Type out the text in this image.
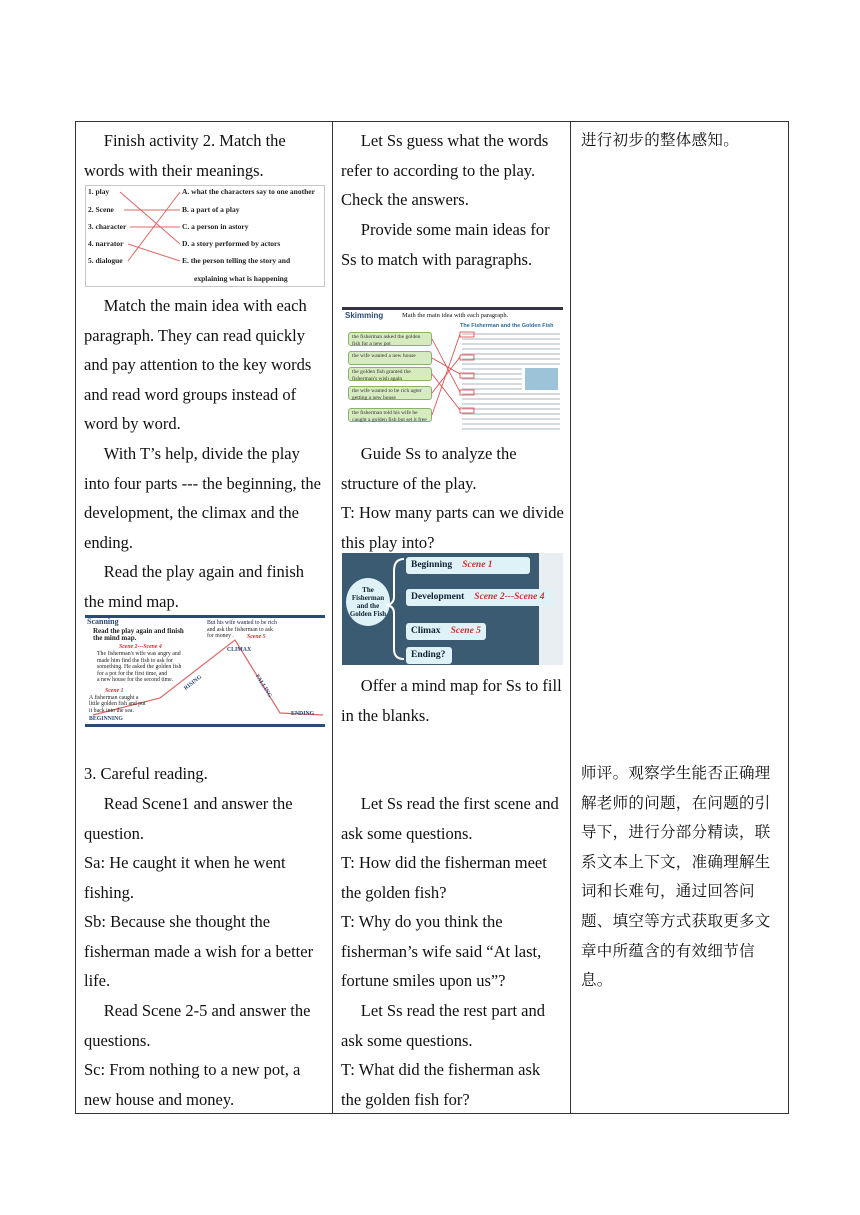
Finish activity 2. Match the words with their meanings.

1. play
2. Scene
3. character
4. narrator
5. dialogue
A. what the characters say to one another
B. a part of a play
C. a person in astory
D. a story performed by actors
E. the person telling the story and
explaining what is happening

Match the main idea with each paragraph. They can read quickly and pay attention to the key words and read word groups instead of word by word.

With T’s help, divide the play into four parts --- the beginning, the development, the climax and the ending.

Read the play again and finish the mind map.

Scanning
Read the play again and finish the mind map.
Scene 2---Scene 4
The fisherman's wife was angry and
made him find the fish to ask for
something. He asked the golden fish
for a pot for the first time, and
a new house for the second time.
But his wife wanted to be rich
and ask the fisherman to ask
for money . Scene 5
CLIMAX
RISING	FALLING
Scene 1
A fisherman caught a
little golden fish and put
it back into the sea.
BEGINNING
ENDING

3. Careful reading.

Read Scene1 and answer the question.

Sa: He caught it when he went fishing.

Sb: Because she thought the fisherman made a wish for a better life.

Read Scene 2-5 and answer the questions.

Sc: From nothing to a new pot, a new house and money.

Let Ss guess what the words refer to according to the play. Check the answers.

Provide some main ideas for Ss to match with paragraphs.

Skimming	Math the main idea with each paragraph.
The Fisherman and the Golden Fish
the fisherman asked the golden fish for a new pot
the wife wanted a new house
the golden fish granted the fisherman's wish again
the wife wanted to be rich agter getting a new house
the fisherman told his wife he caught a golden fish but set it free

Guide Ss to analyze the structure of the play.

T: How many parts can we divide this play into?

The Fisherman and the Golden Fish
Beginning Scene 1
Development Scene 2---Scene 4
Climax Scene 5
Ending?

Offer a mind map for Ss to fill in the blanks.

Let Ss read the first scene and ask some questions.

T: How did the fisherman meet the golden fish?

T: Why do you think the fisherman’s wife said “At last, fortune smiles upon us”?

Let Ss read the rest part and ask some questions.

T: What did the fisherman ask the golden fish for?

进行初步的整体感知。

师评。观察学生能否正确理解老师的问题，在问题的引导下，进行分部分精读，联系文本上下文，准确理解生词和长难句，通过回答问题、填空等方式获取更多文章中所蕴含的有效细节信息。
